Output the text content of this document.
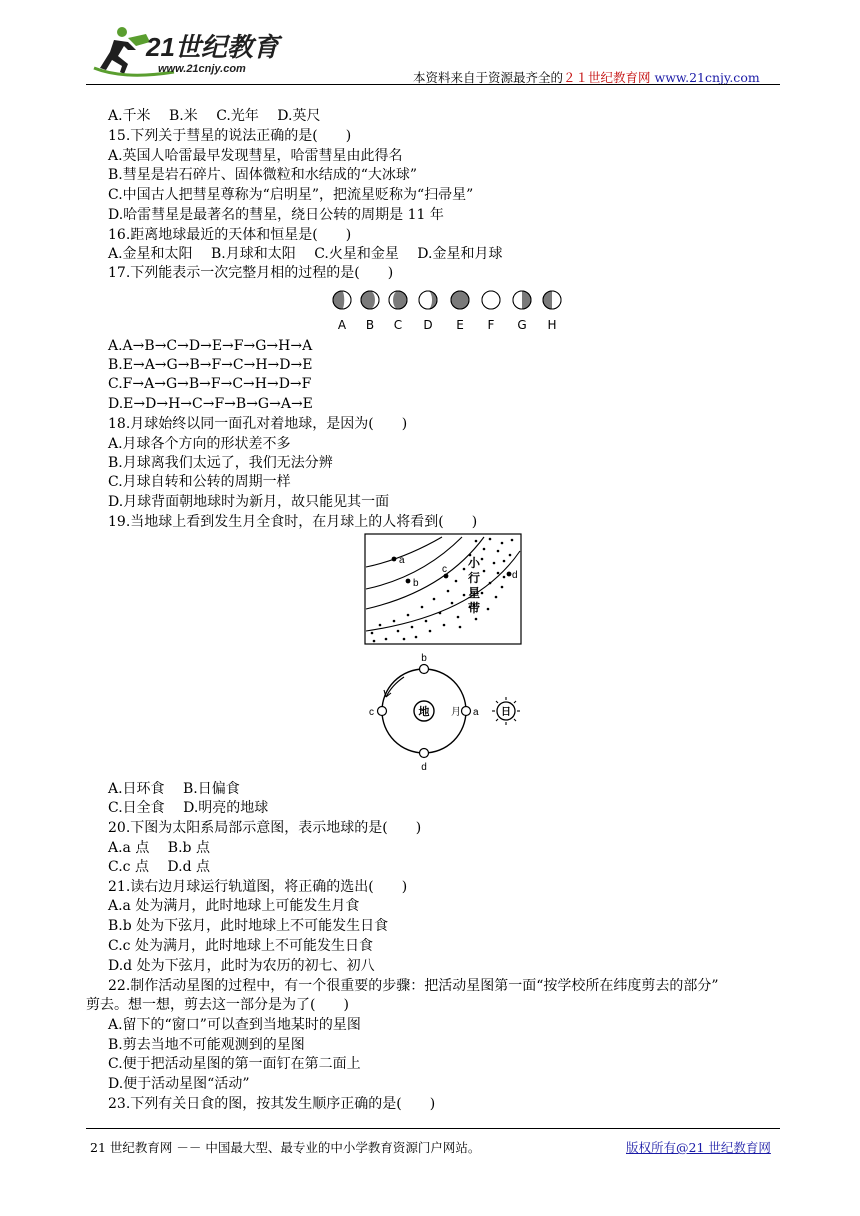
21世纪教育
www.21cnjy.com
本资料来自于资源最齐全的２１世纪教育网 www.21cnjy.com
A.千米　 B.米　 C.光年　 D.英尺
15.下列关于彗星的说法正确的是(　　)
A.英国人哈雷最早发现彗星，哈雷彗星由此得名
B.彗星是岩石碎片、固体微粒和水结成的“大冰球”
C.中国古人把彗星尊称为“启明星”，把流星贬称为“扫帚星”
D.哈雷彗星是最著名的彗星，绕日公转的周期是 11 年
16.距离地球最近的天体和恒星是(　　)
A.金星和太阳　 B.月球和太阳　 C.火星和金星　 D.金星和月球
17.下列能表示一次完整月相的过程的是(　　)
A B C D E F G H
A.A→B→C→D→E→F→G→H→A
B.E→A→G→B→F→C→H→D→E
C.F→A→G→B→F→C→H→D→F
D.E→D→H→C→F→B→G→A→E
18.月球始终以同一面孔对着地球，是因为(　　)
A.月球各个方向的形状差不多
B.月球离我们太远了，我们无法分辨
C.月球自转和公转的周期一样
D.月球背面朝地球时为新月，故只能见其一面
19.当地球上看到发生月全食时，在月球上的人将看到(　　)
a
b
c
d
小
行
星
带
地
b
c	月 a
d
日
A.日环食　 B.日偏食
C.日全食　 D.明亮的地球
20.下图为太阳系局部示意图，表示地球的是(　　)
A.a 点　 B.b 点
C.c 点　 D.d 点
21.读右边月球运行轨道图，将正确的选出(　　)
A.a 处为满月，此时地球上可能发生月食
B.b 处为下弦月，此时地球上不可能发生日食
C.c 处为满月，此时地球上不可能发生日食
D.d 处为下弦月，此时为农历的初七、初八
22.制作活动星图的过程中，有一个很重要的步骤：把活动星图第一面“按学校所在纬度剪去的部分”
剪去。想一想，剪去这一部分是为了(　　)
A.留下的“窗口”可以查到当地某时的星图
B.剪去当地不可能观测到的星图
C.便于把活动星图的第一面钉在第二面上
D.便于活动星图“活动”
23.下列有关日食的图，按其发生顺序正确的是(　　)
21 世纪教育网 －－ 中国最大型、最专业的中小学教育资源门户网站。	版权所有@21 世纪教育网
